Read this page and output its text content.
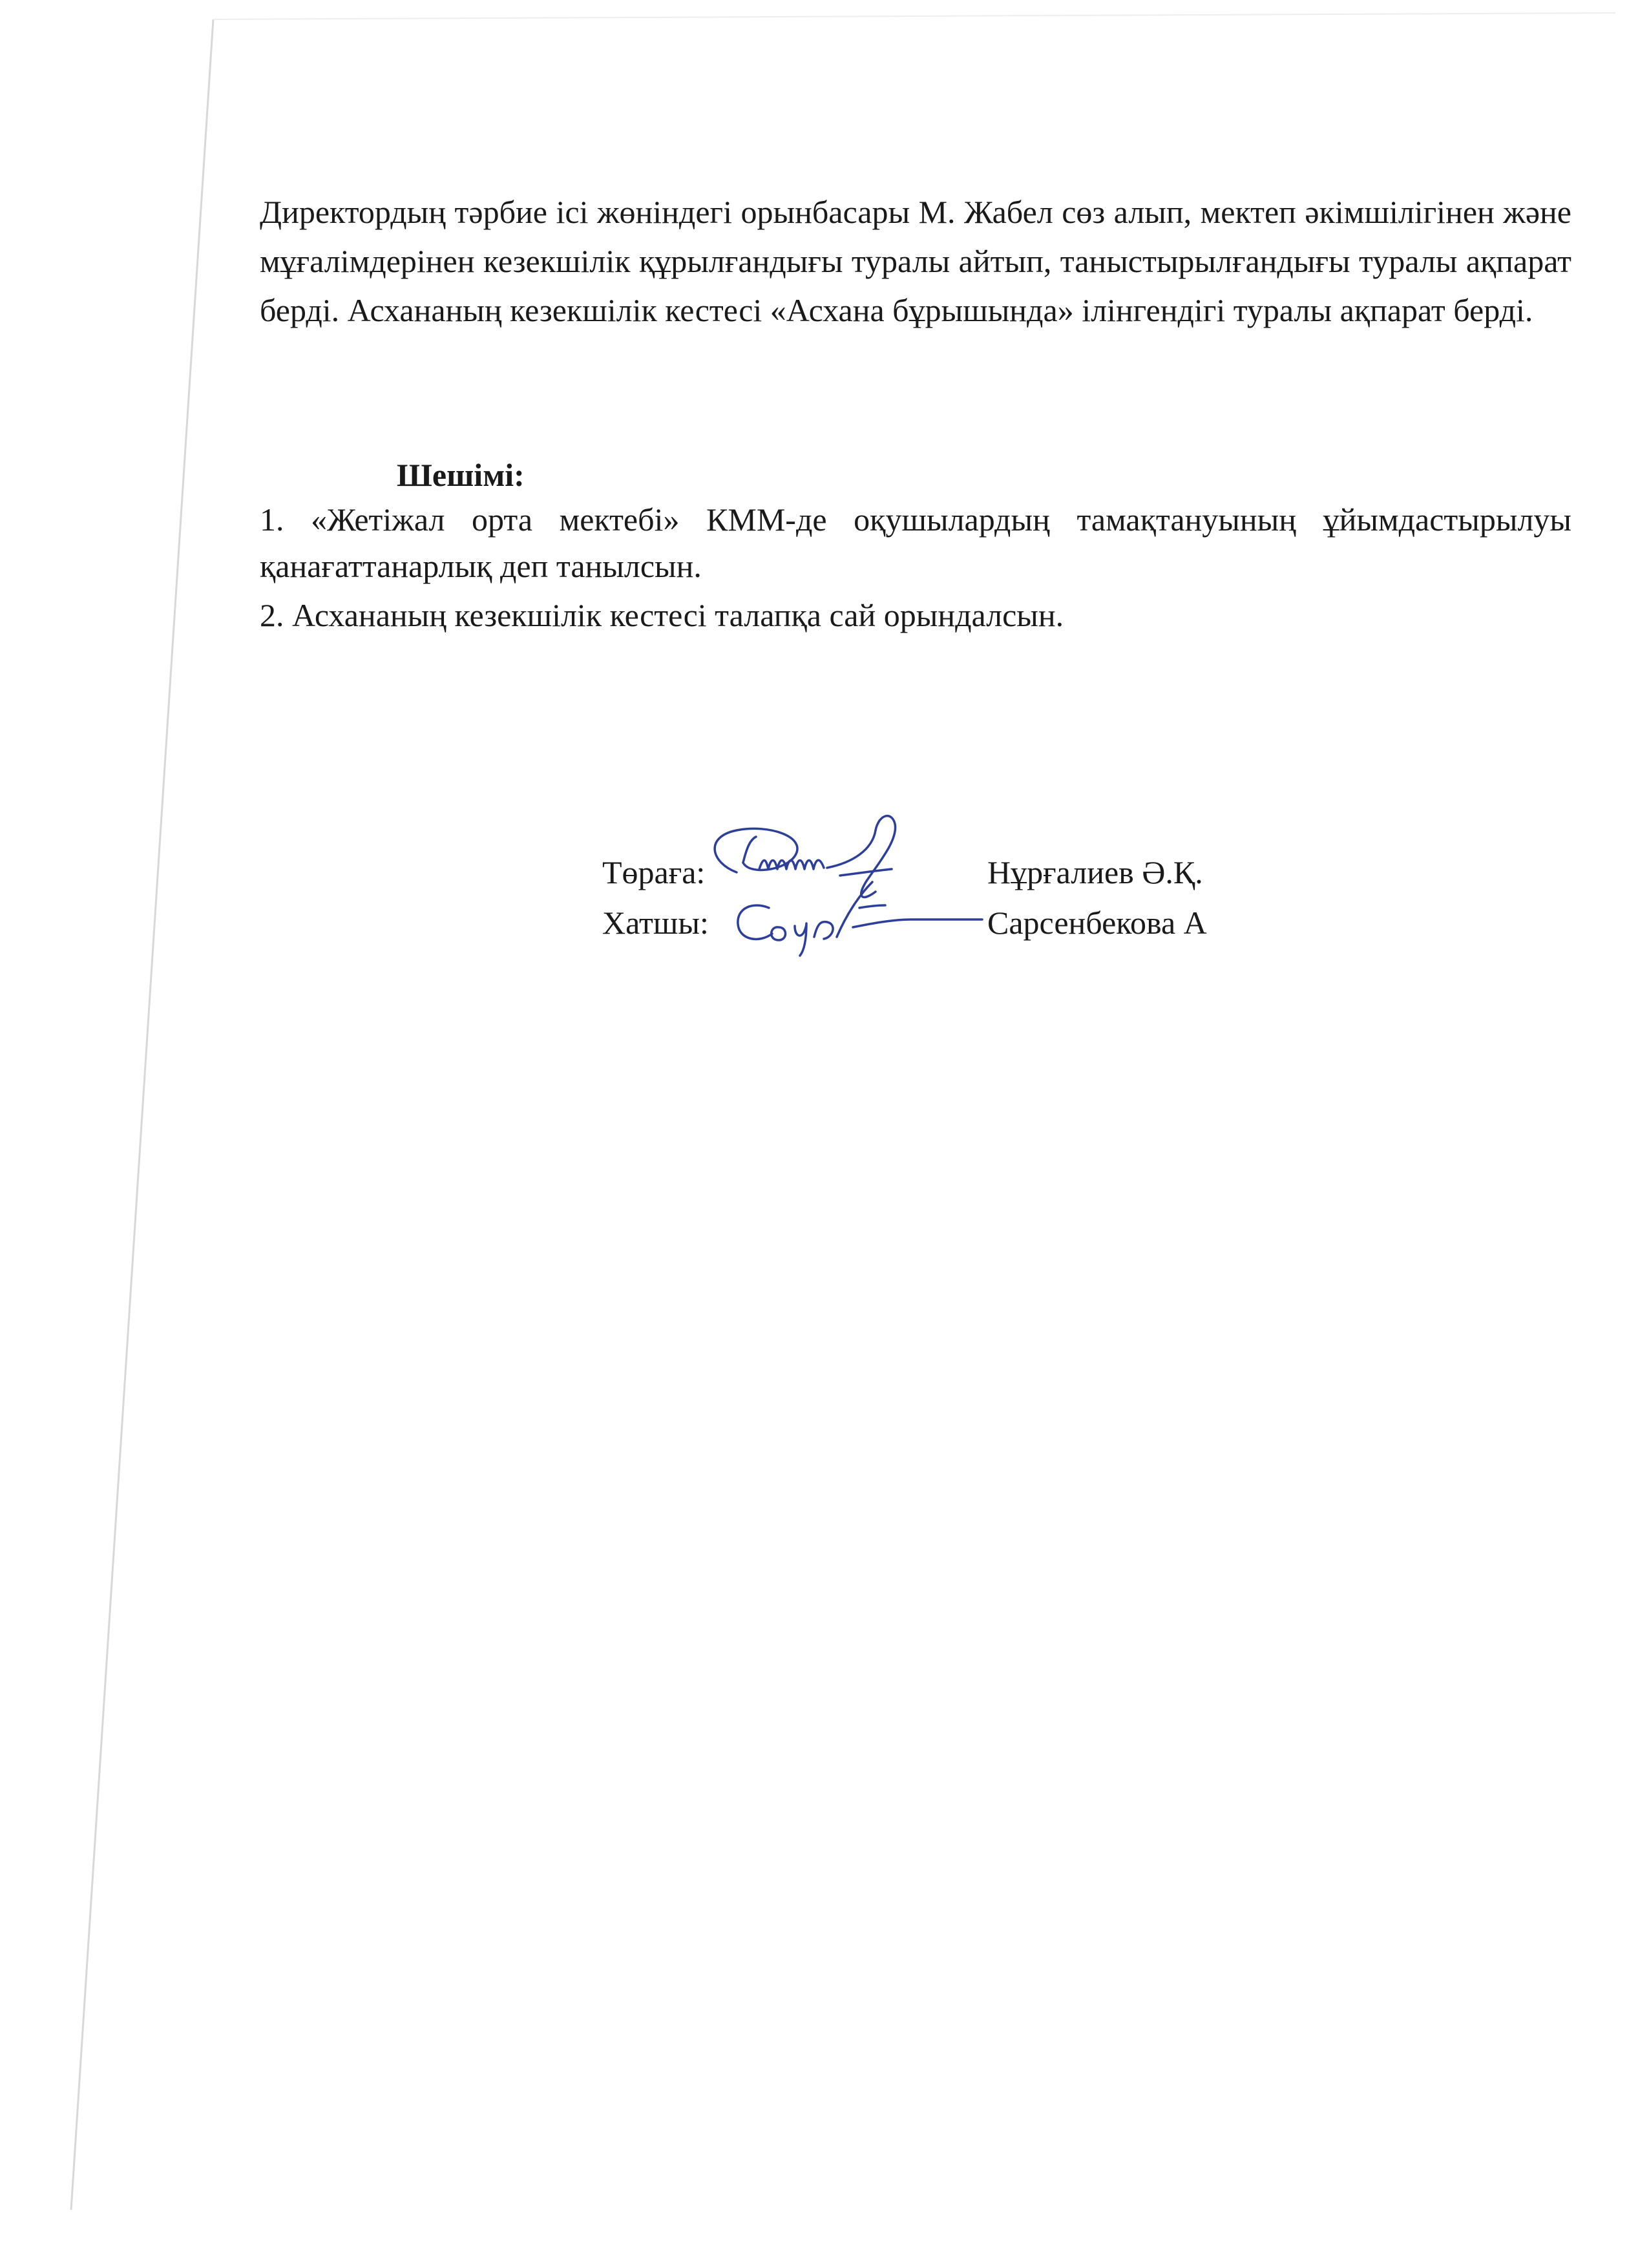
Директордың тәрбие ісі жөніндегі орынбасары М. Жабел сөз алып, мектеп әкімшілігінен және мұғалімдерінен кезекшілік құрылғандығы туралы айтып, таныстырылғандығы туралы ақпарат берді. Асхананың кезекшілік кестесі «Асхана бұрышында» ілінгендігі туралы ақпарат берді.
Шешімі:
1. «Жетіжал орта мектебі» КММ-де оқушылардың тамақтануының ұйымдастырылуы қанағаттанарлық деп танылсын.
2. Асхананың кезекшілік кестесі талапқа сай орындалсын.
Төраға:	Нұрғалиев Ә.Қ.
Хатшы:	Сарсенбекова А
